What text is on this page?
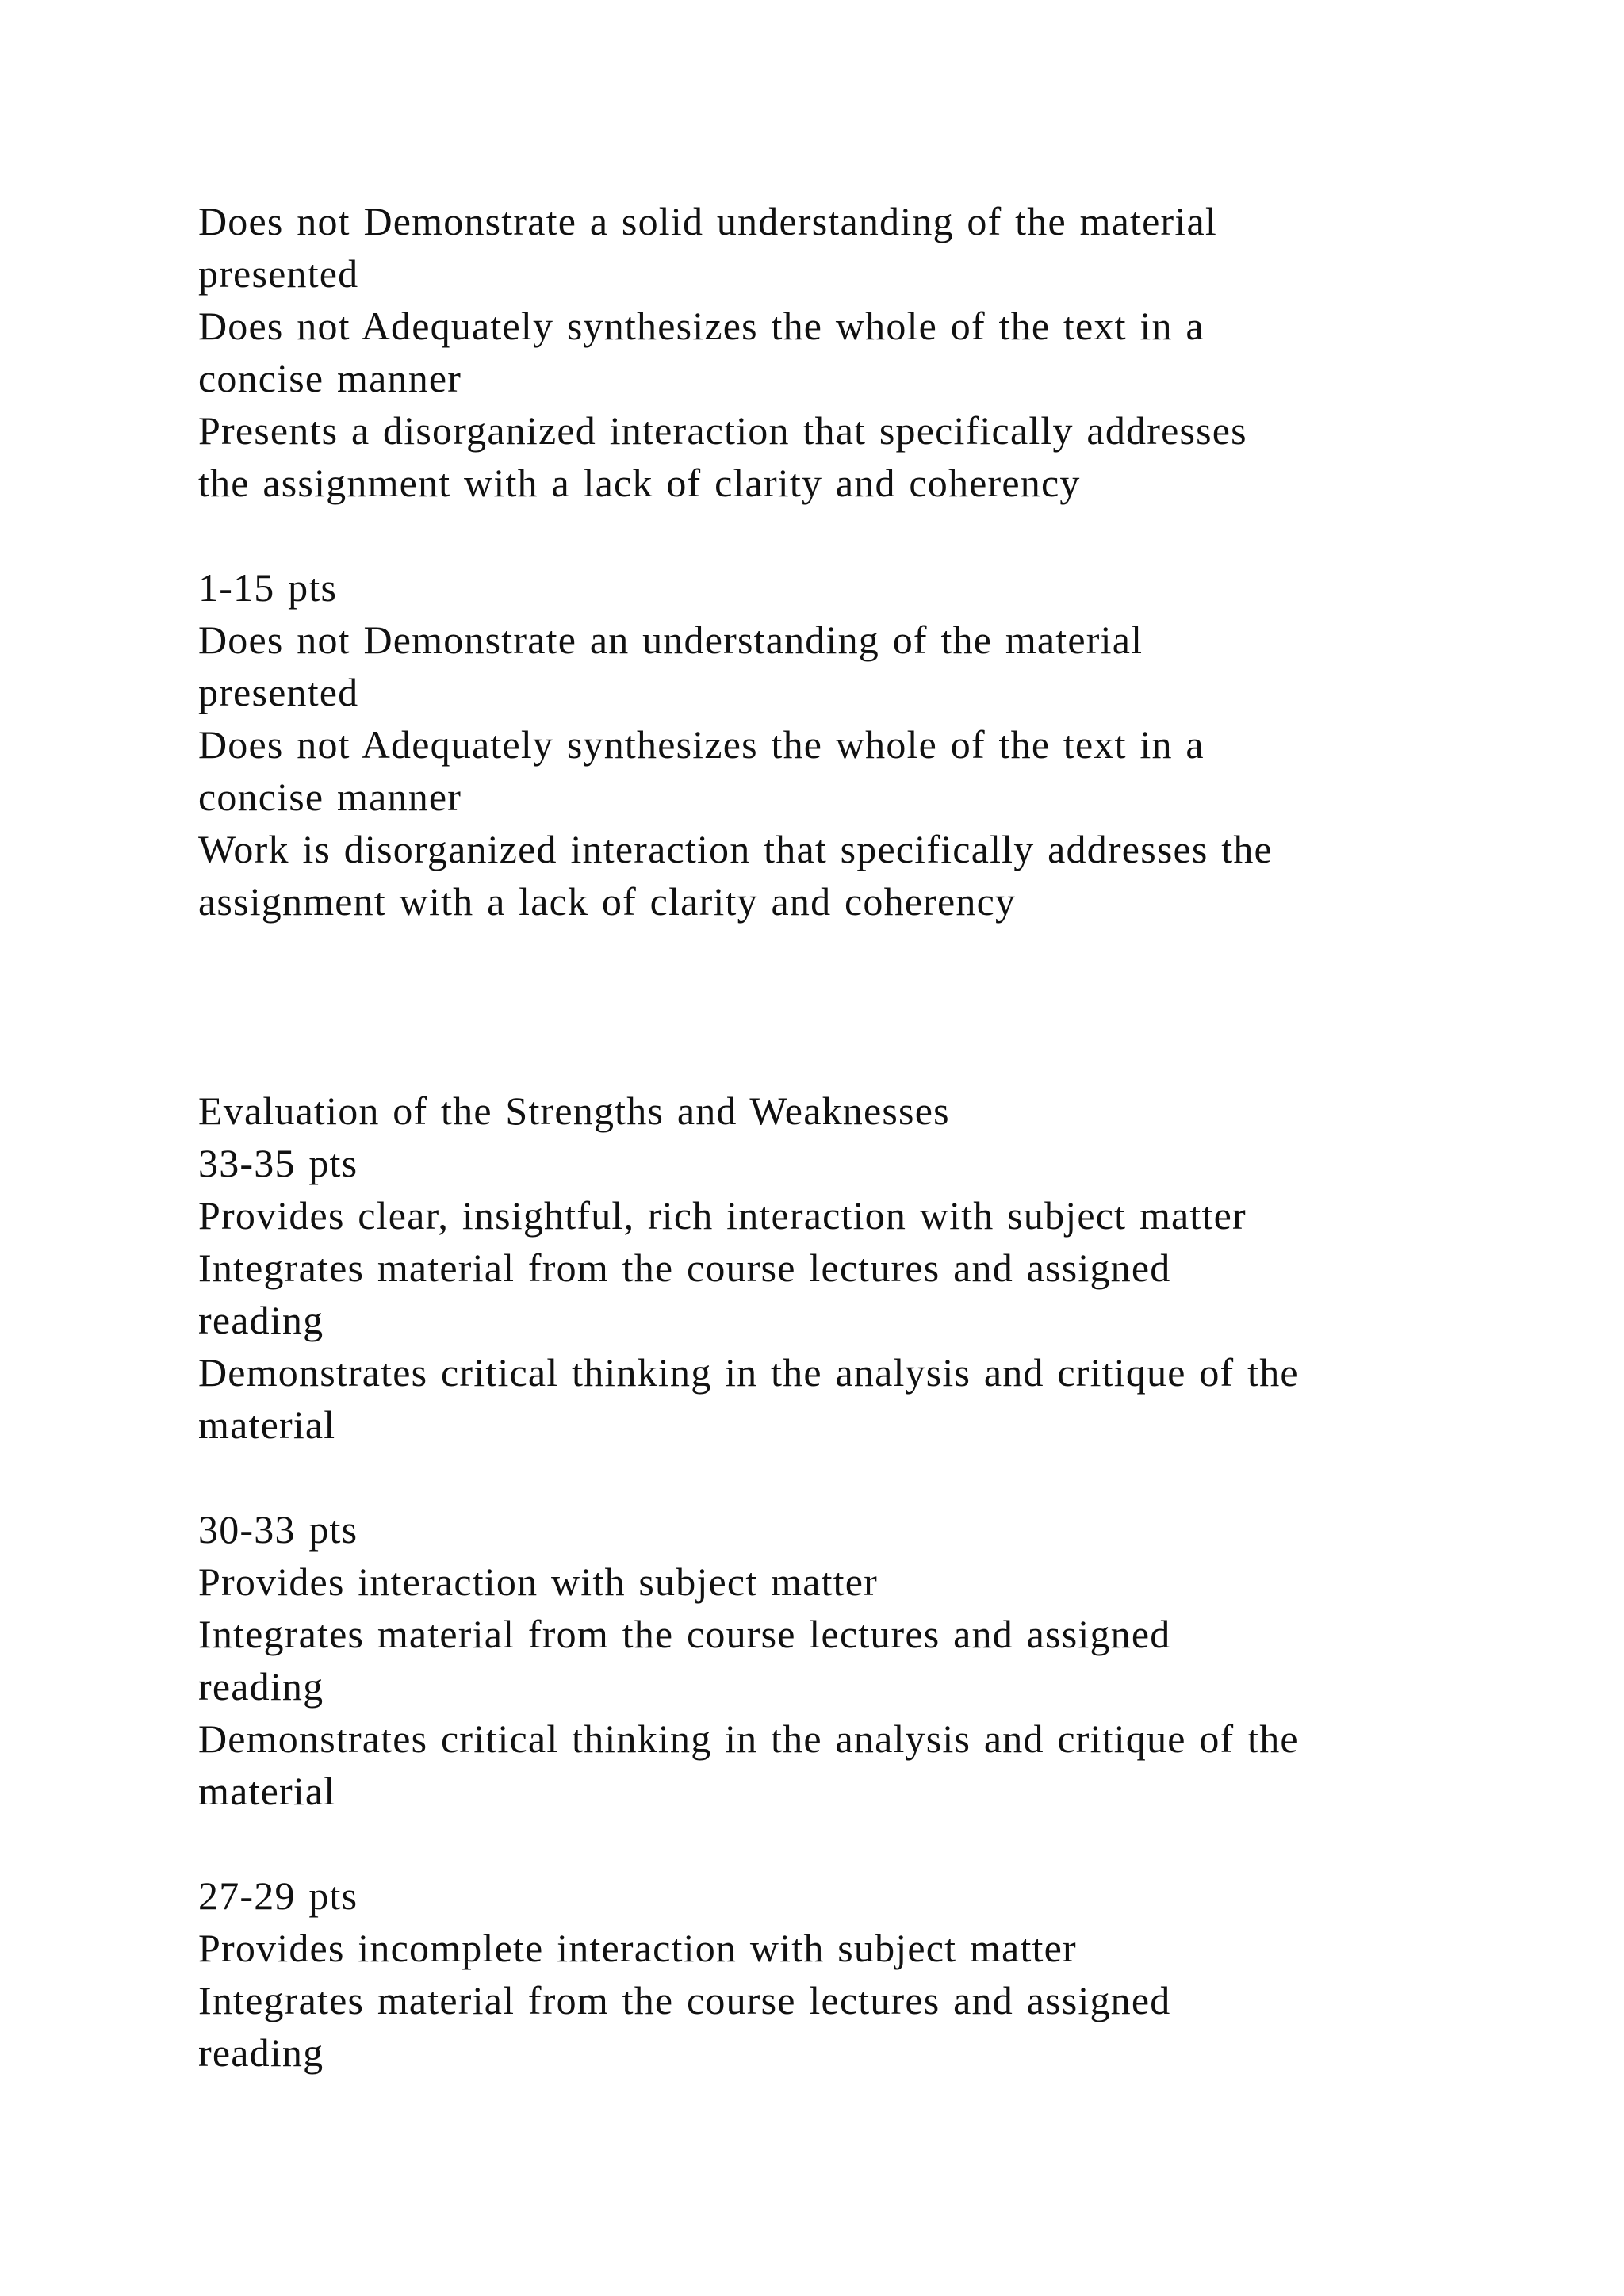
Does not Demonstrate a solid understanding of the material
presented
Does not Adequately synthesizes the whole of the text in a
concise manner
Presents a disorganized interaction that specifically addresses
the assignment with a lack of clarity and coherency
1-15 pts
Does not Demonstrate an understanding of the material
presented
Does not Adequately synthesizes the whole of the text in a
concise manner
Work is disorganized interaction that specifically addresses the
assignment with a lack of clarity and coherency
Evaluation of the Strengths and Weaknesses
33-35 pts
Provides clear, insightful, rich interaction with subject matter
Integrates material from the course lectures and assigned
reading
Demonstrates critical thinking in the analysis and critique of the
material
30-33 pts
Provides interaction with subject matter
Integrates material from the course lectures and assigned
reading
Demonstrates critical thinking in the analysis and critique of the
material
27-29 pts
Provides incomplete interaction with subject matter
Integrates material from the course lectures and assigned
reading
